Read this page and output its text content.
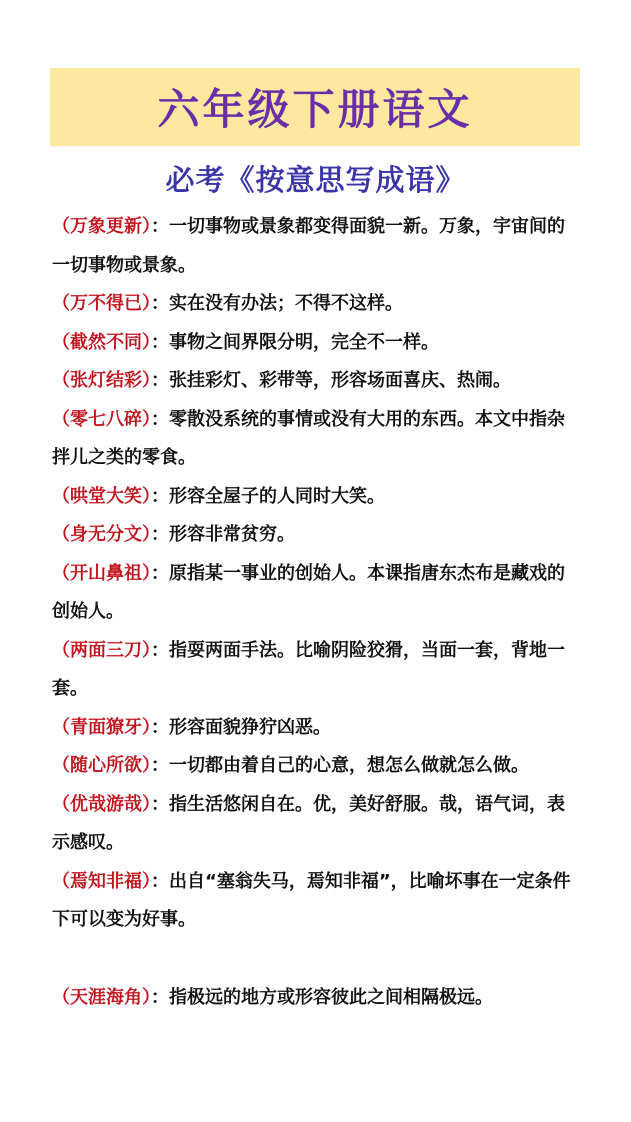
六年级下册语文
必考《按意思写成语》

（万象更新）：一切事物或景象都变得面貌一新。万象，宇宙间的一切事物或景象。

（万不得已）：实在没有办法；不得不这样。

（截然不同）：事物之间界限分明，完全不一样。

（张灯结彩）：张挂彩灯、彩带等，形容场面喜庆、热闹。

（零七八碎）：零散没系统的事情或没有大用的东西。本文中指杂拌儿之类的零食。

（哄堂大笑）：形容全屋子的人同时大笑。

（身无分文）：形容非常贫穷。

（开山鼻祖）：原指某一事业的创始人。本课指唐东杰布是藏戏的创始人。

（两面三刀）：指耍两面手法。比喻阴险狡猾，当面一套，背地一套。

（青面獠牙）：形容面貌狰狞凶恶。

（随心所欲）：一切都由着自己的心意，想怎么做就怎么做。

（优哉游哉）：指生活悠闲自在。优，美好舒服。哉，语气词，表示感叹。

（焉知非福）：出自“塞翁失马，焉知非福”，比喻坏事在一定条件下可以变为好事。

（天涯海角）：指极远的地方或形容彼此之间相隔极远。
